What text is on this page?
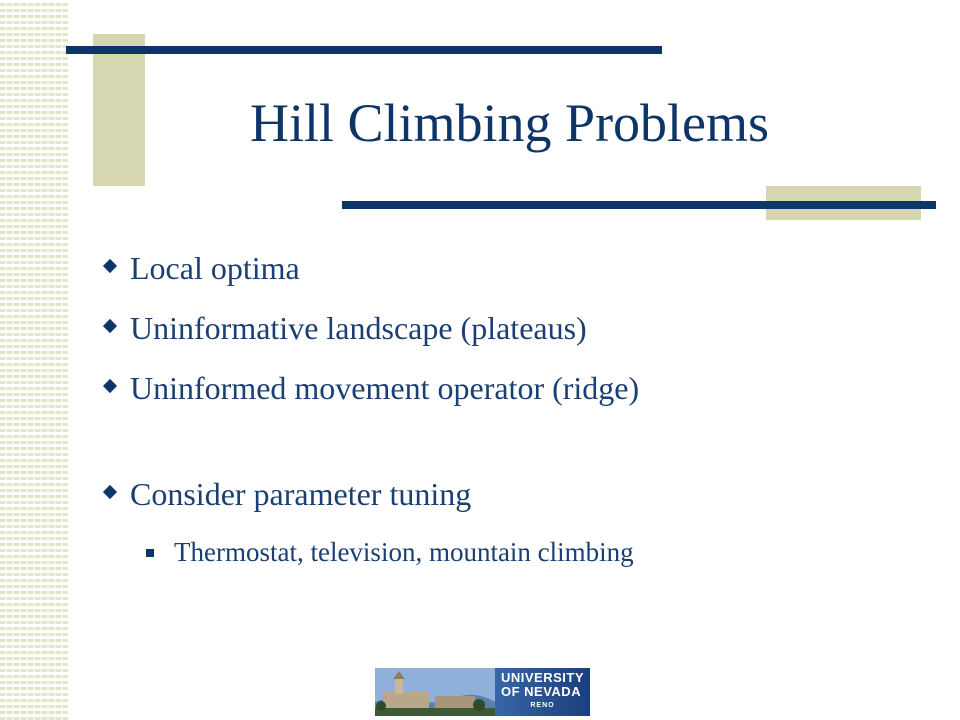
Hill Climbing Problems
Local optima
Uninformative landscape (plateaus)
Uninformed movement operator (ridge)
Consider parameter tuning
Thermostat, television, mountain climbing
UNIVERSITY
OF NEVADA
RENO
